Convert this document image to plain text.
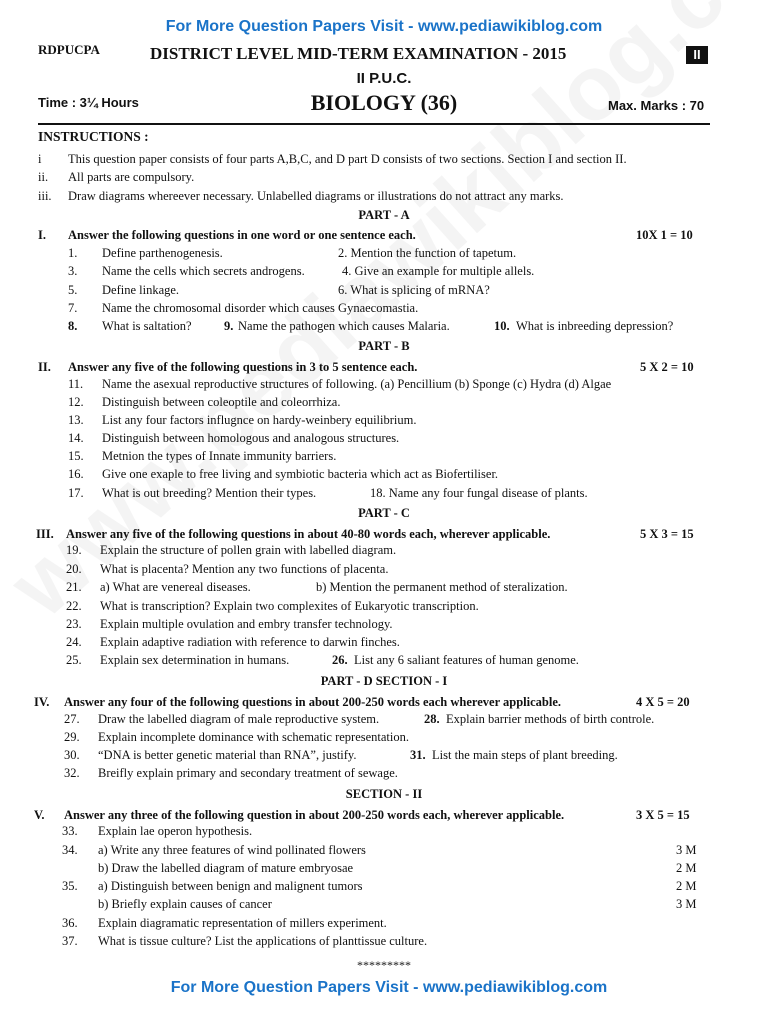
For More Question Papers Visit - www.pediawikiblog.com
RDPUCPA	DISTRICT LEVEL MID-TERM EXAMINATION - 2015	II
II P.U.C.
Time : 3¼ Hours	BIOLOGY (36)	Max. Marks : 70
INSTRUCTIONS :
i This question paper consists of four parts A,B,C, and D part D consists of two sections. Section I and section II.
ii. All parts are compulsory.
iii. Draw diagrams whereever necessary. Unlabelled diagrams or illustrations do not attract any marks.
PART - A
I. Answer the following questions in one word or one sentence each.	10X 1 = 10
1. Define parthenogenesis.	2. Mention the function of tapetum.
3. Name the cells which secrets androgens.	4. Give an example for multiple allels.
5. Define linkage.	6. What is splicing of mRNA?
7. Name the chromosomal disorder which causes Gynaecomastia.
8. What is saltation?	9. Name the pathogen which causes Malaria.	10. What is inbreeding depression?
PART - B
II. Answer any five of the following questions in 3 to 5 sentence each.	5 X 2 = 10
11. Name the asexual reproductive structures of following. (a) Pencillium (b) Sponge (c) Hydra (d) Algae
12. Distinguish between coleoptile and coleorrhiza.
13. List any four factors influgnce on hardy-weinbery equilibrium.
14. Distinguish between homologous and analogous structures.
15. Metnion the types of Innate immunity barriers.
16. Give one exaple to free living and symbiotic bacteria which act as Biofertiliser.
17. What is out breeding? Mention their types.	18. Name any four fungal disease of plants.
PART - C
III. Answer any five of the following questions in about 40-80 words each, wherever applicable.	5 X 3 = 15
19. Explain the structure of pollen grain with labelled diagram.
20. What is placenta? Mention any two functions of placenta.
21. a) What are venereal diseases.	b) Mention the permanent method of steralization.
22. What is transcription? Explain two complexites of Eukaryotic transcription.
23. Explain multiple ovulation and embry transfer technology.
24. Explain adaptive radiation with reference to darwin finches.
25. Explain sex determination in humans.	26. List any 6 saliant features of human genome.
PART - D SECTION - I
IV. Answer any four of the following questions in about 200-250 words each wherever applicable.	4 X 5 = 20
27. Draw the labelled diagram of male reproductive system.	28. Explain barrier methods of birth controle.
29. Explain incomplete dominance with schematic representation.
30. “DNA is better genetic material than RNA”, justify.	31. List the main steps of plant breeding.
32. Breifly explain primary and secondary treatment of sewage.
SECTION - II
V. Answer any three of the following question in about 200-250 words each, wherever applicable.	3 X 5 = 15
33. Explain lae operon hypothesis.
34. a) Write any three features of wind pollinated flowers	3 M
b) Draw the labelled diagram of mature embryosae	2 M
35. a) Distinguish between benign and malignent tumors	2 M
b) Briefly explain causes of cancer	3 M
36. Explain diagramatic representation of millers experiment.
37. What is tissue culture? List the applications of planttissue culture.
*********
For More Question Papers Visit - www.pediawikiblog.com
